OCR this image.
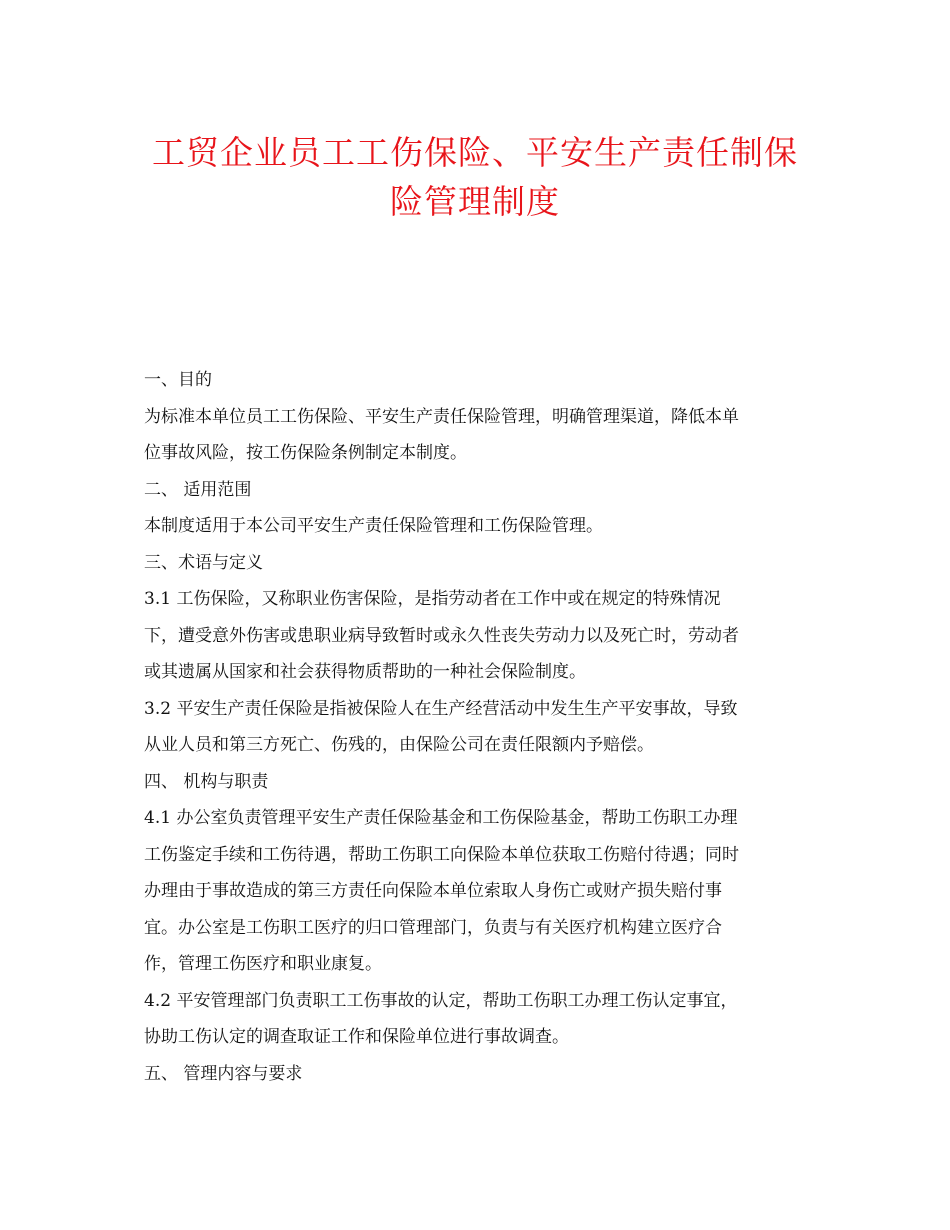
工贸企业员工工伤保险、平安生产责任制保
险管理制度

一、目的

为标准本单位员工工伤保险、平安生产责任保险管理，明确管理渠道，降低本单

位事故风险，按工伤保险条例制定本制度。

二、 适用范围

本制度适用于本公司平安生产责任保险管理和工伤保险管理。

三、术语与定义

3.1 工伤保险，又称职业伤害保险，是指劳动者在工作中或在规定的特殊情况

下，遭受意外伤害或患职业病导致暂时或永久性丧失劳动力以及死亡时，劳动者

或其遗属从国家和社会获得物质帮助的一种社会保险制度。

3.2 平安生产责任保险是指被保险人在生产经营活动中发生生产平安事故，导致

从业人员和第三方死亡、伤残的，由保险公司在责任限额内予赔偿。

四、 机构与职责

4.1 办公室负责管理平安生产责任保险基金和工伤保险基金，帮助工伤职工办理

工伤鉴定手续和工伤待遇，帮助工伤职工向保险本单位获取工伤赔付待遇；同时

办理由于事故造成的第三方责任向保险本单位索取人身伤亡或财产损失赔付事

宜。办公室是工伤职工医疗的归口管理部门，负责与有关医疗机构建立医疗合

作，管理工伤医疗和职业康复。

4.2 平安管理部门负责职工工伤事故的认定，帮助工伤职工办理工伤认定事宜，

协助工伤认定的调查取证工作和保险单位进行事故调查。

五、 管理内容与要求
